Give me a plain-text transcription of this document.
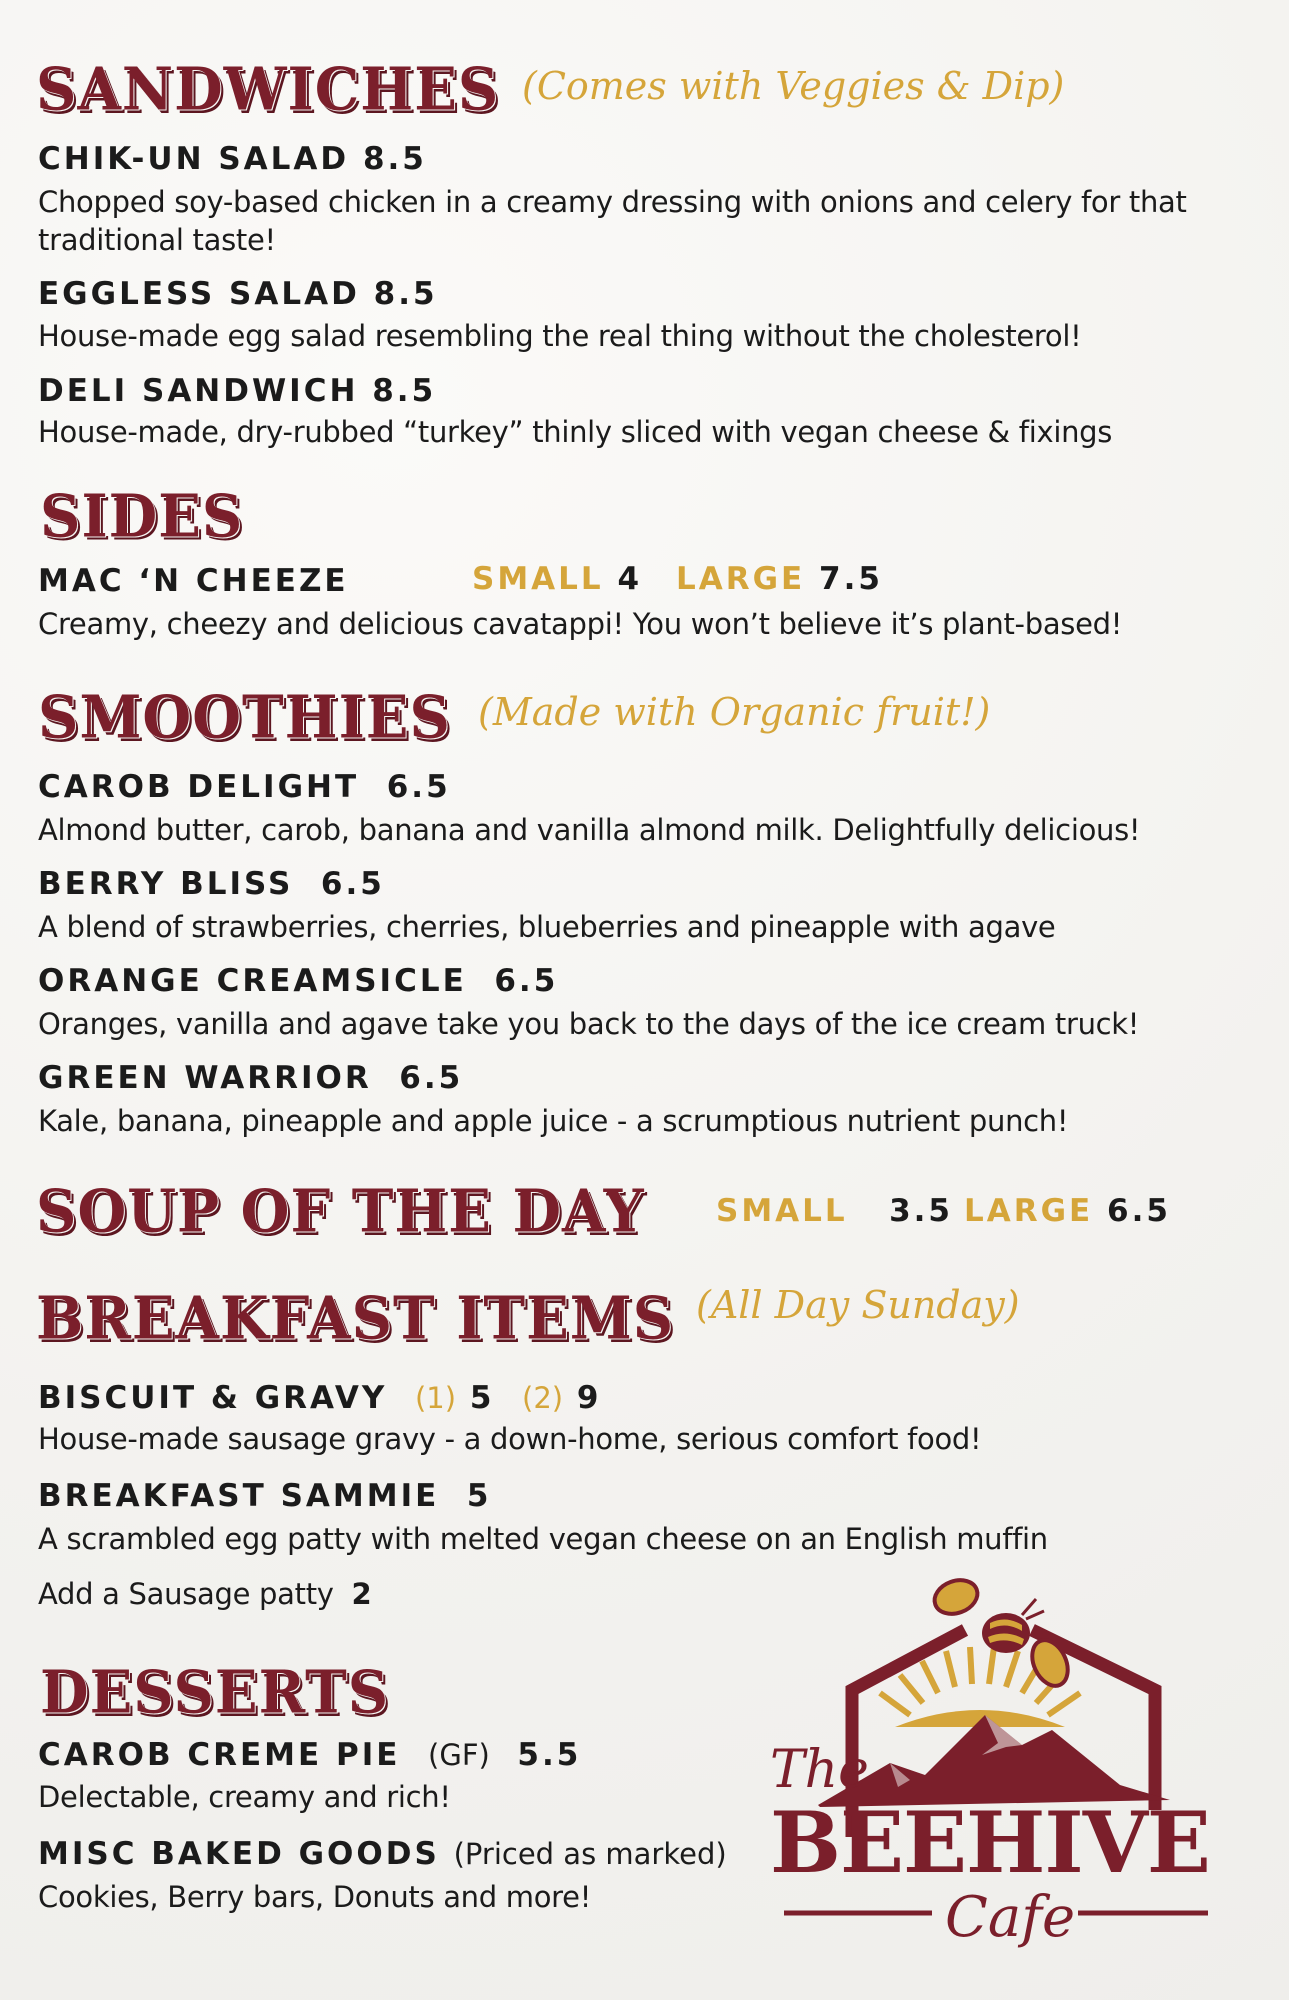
SANDWICHES (Comes with Veggies & Dip)
CHIK-UN SALAD 8.5
Chopped soy-based chicken in a creamy dressing with onions and celery for that traditional taste!
EGGLESS SALAD 8.5
House-made egg salad resembling the real thing without the cholesterol!
DELI SANDWICH 8.5
House-made, dry-rubbed “turkey” thinly sliced with vegan cheese & fixings
SIDES
MAC ‘N CHEEZE	SMALL 4 LARGE 7.5
Creamy, cheezy and delicious cavatappi! You won’t believe it’s plant-based!
SMOOTHIES (Made with Organic fruit!)
CAROB DELIGHT 6.5
Almond butter, carob, banana and vanilla almond milk. Delightfully delicious!
BERRY BLISS 6.5
A blend of strawberries, cherries, blueberries and pineapple with agave
ORANGE CREAMSICLE 6.5
Oranges, vanilla and agave take you back to the days of the ice cream truck!
GREEN WARRIOR 6.5
Kale, banana, pineapple and apple juice - a scrumptious nutrient punch!
SOUP OF THE DAY SMALL 3.5 LARGE 6.5
BREAKFAST ITEMS (All Day Sunday)
BISCUIT & GRAVY (1) 5 (2) 9
House-made sausage gravy - a down-home, serious comfort food!
BREAKFAST SAMMIE 5
A scrambled egg patty with melted vegan cheese on an English muffin
Add a Sausage patty 2
DESSERTS
CAROB CREME PIE (GF) 5.5
Delectable, creamy and rich!
MISC BAKED GOODS (Priced as marked)
Cookies, Berry bars, Donuts and more!
The
BEEHIVE
Cafe
